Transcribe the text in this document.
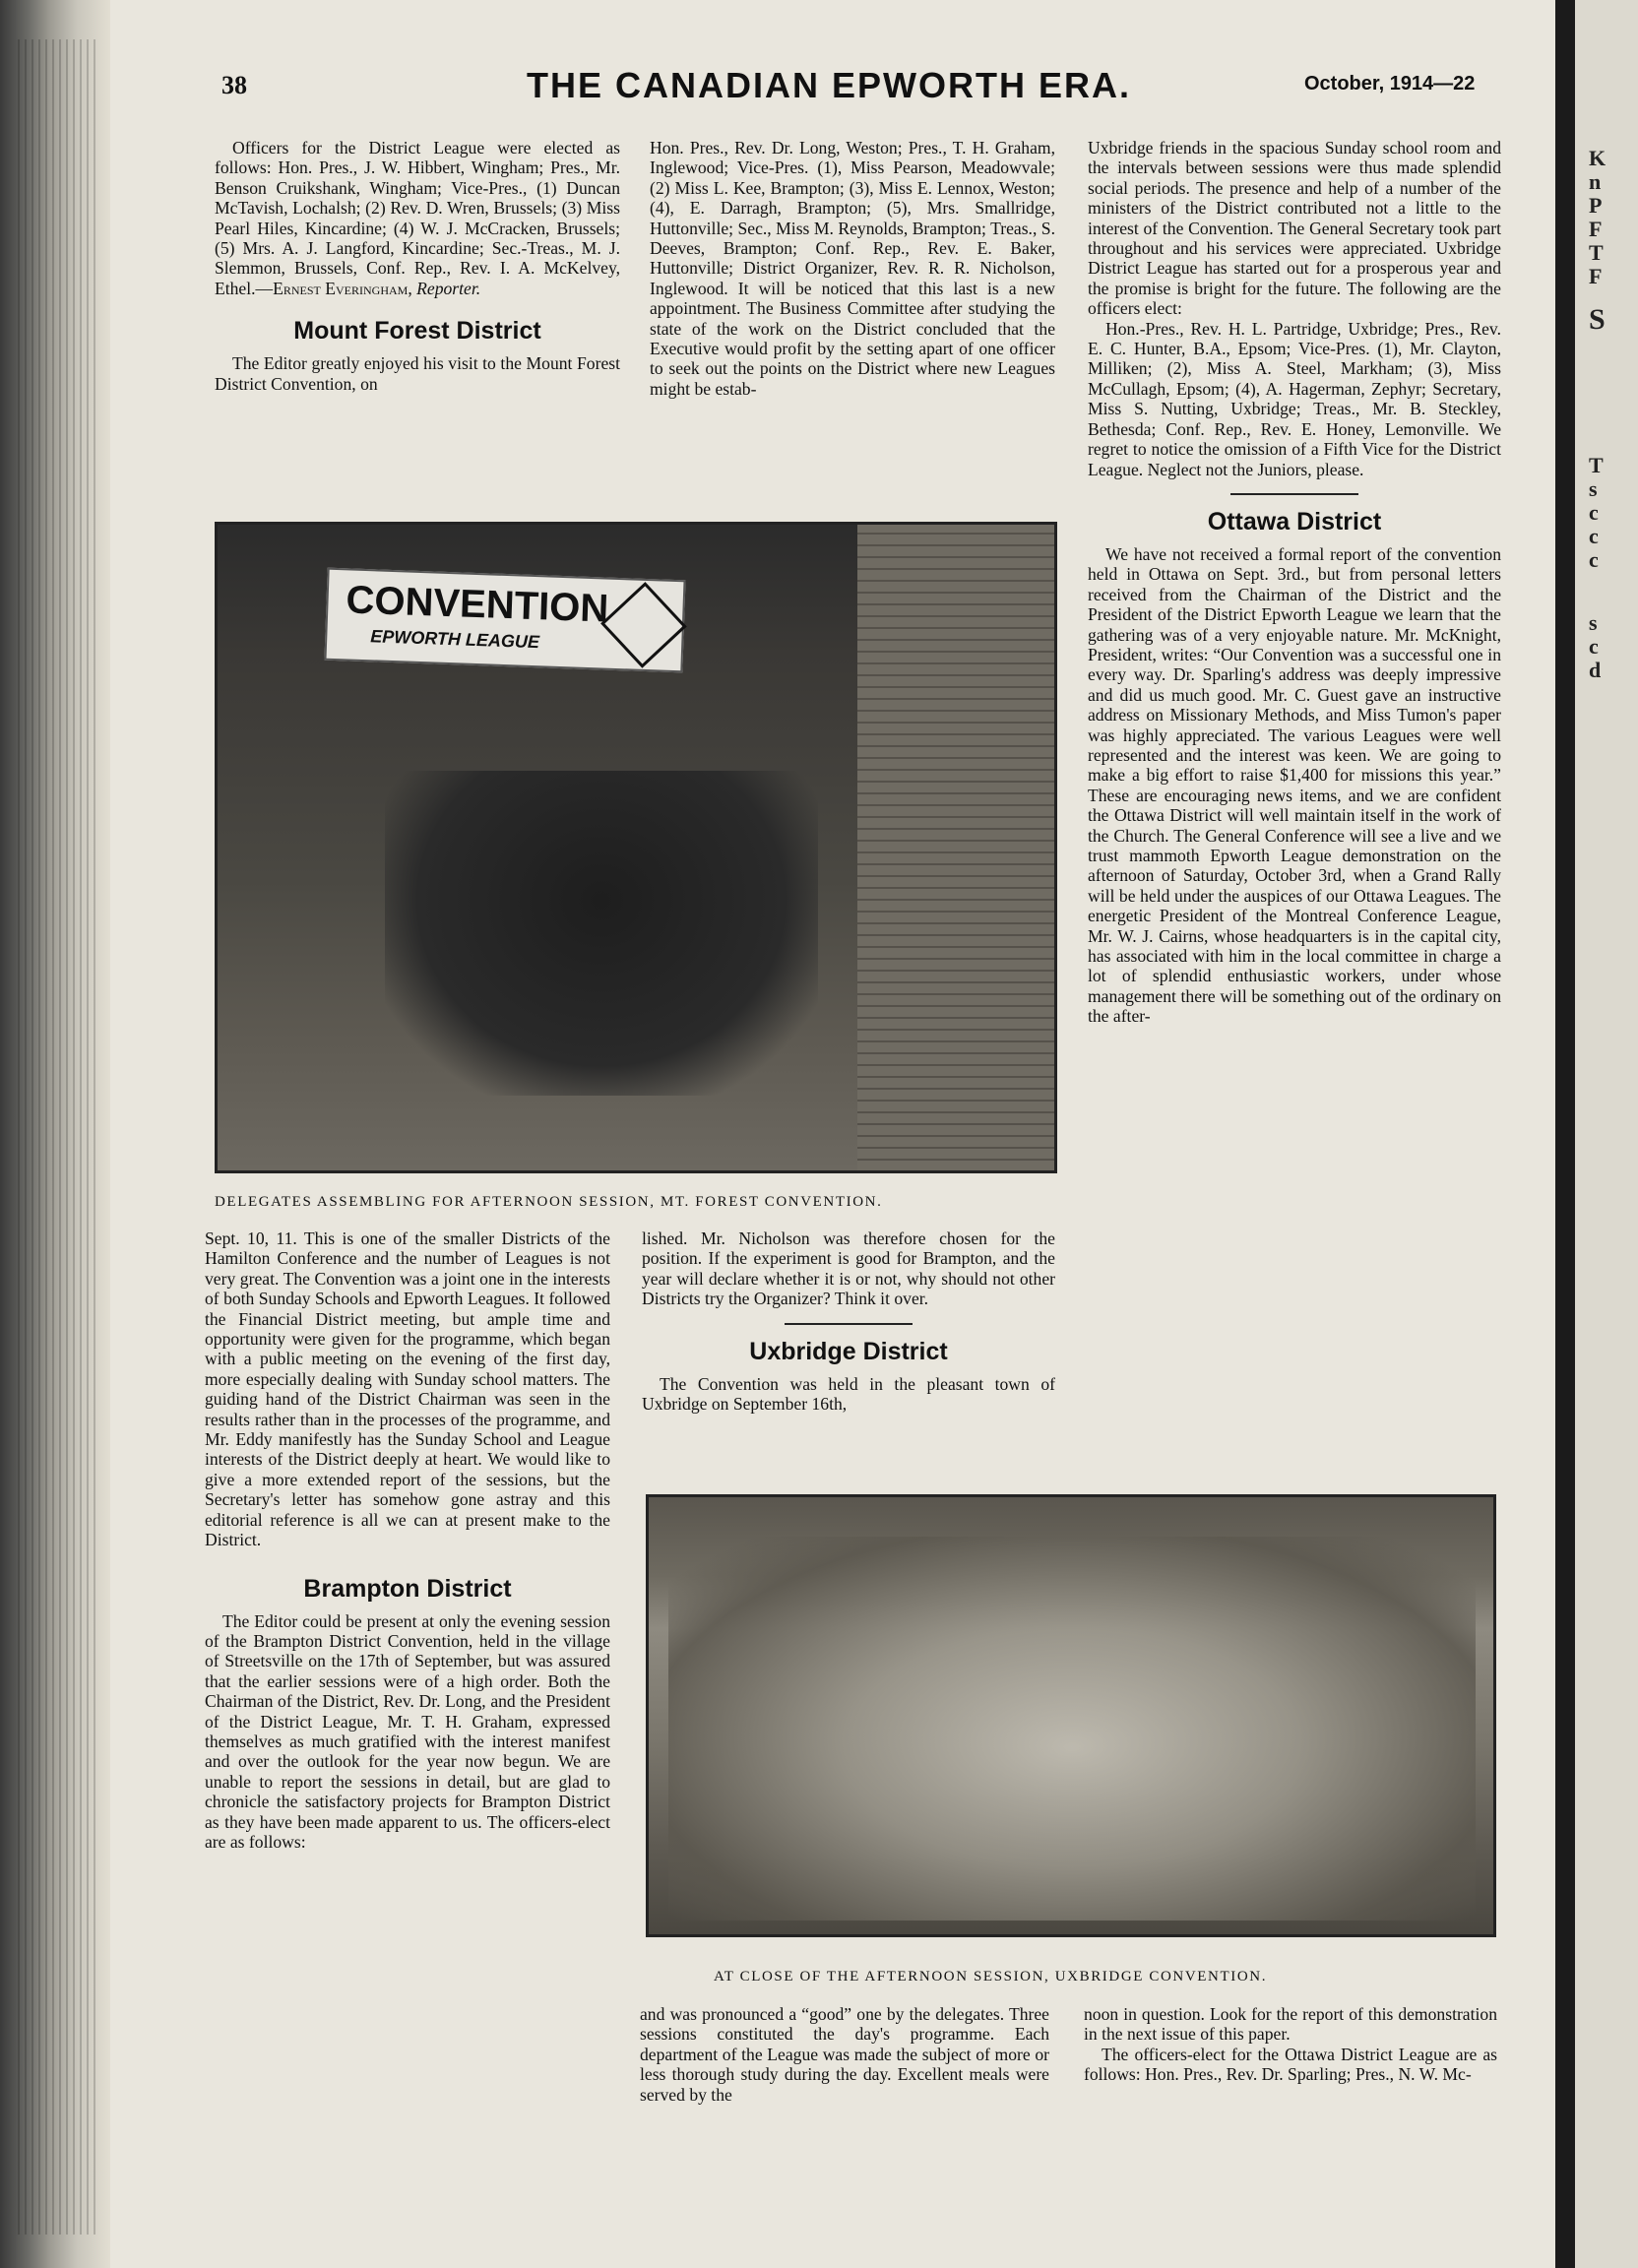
K
n
P
F
T
F
S
T
s
c
c
c
s
c
d
38	THE CANADIAN EPWORTH ERA.	October, 1914—22

Officers for the District League were elected as follows: Hon. Pres., J. W. Hibbert, Wingham; Pres., Mr. Benson Cruikshank, Wingham; Vice-Pres., (1) Duncan McTavish, Lochalsh; (2) Rev. D. Wren, Brussels; (3) Miss Pearl Hiles, Kincardine; (4) W. J. McCracken, Brussels; (5) Mrs. A. J. Langford, Kincardine; Sec.-Treas., M. J. Slemmon, Brussels, Conf. Rep., Rev. I. A. McKelvey, Ethel.—Ernest Everingham, Reporter.

Mount Forest District

The Editor greatly enjoyed his visit to the Mount Forest District Convention, on

Hon. Pres., Rev. Dr. Long, Weston; Pres., T. H. Graham, Inglewood; Vice-Pres. (1), Miss Pearson, Meadowvale; (2) Miss L. Kee, Brampton; (3), Miss E. Lennox, Weston; (4), E. Darragh, Brampton; (5), Mrs. Smallridge, Huttonville; Sec., Miss M. Reynolds, Brampton; Treas., S. Deeves, Brampton; Conf. Rep., Rev. E. Baker, Huttonville; District Organizer, Rev. R. R. Nicholson, Inglewood. It will be noticed that this last is a new appointment. The Business Committee after studying the state of the work on the District concluded that the Executive would profit by the setting apart of one officer to seek out the points on the District where new Leagues might be estab-

Uxbridge friends in the spacious Sunday school room and the intervals between sessions were thus made splendid social periods. The presence and help of a number of the ministers of the District contributed not a little to the interest of the Convention. The General Secretary took part throughout and his services were appreciated. Uxbridge District League has started out for a prosperous year and the promise is bright for the future. The following are the officers elect:

Hon.-Pres., Rev. H. L. Partridge, Uxbridge; Pres., Rev. E. C. Hunter, B.A., Epsom; Vice-Pres. (1), Mr. Clayton, Milliken; (2), Miss A. Steel, Markham; (3), Miss McCullagh, Epsom; (4), A. Hagerman, Zephyr; Secretary, Miss S. Nutting, Uxbridge; Treas., Mr. B. Steckley, Bethesda; Conf. Rep., Rev. E. Honey, Lemonville. We regret to notice the omission of a Fifth Vice for the District League. Neglect not the Juniors, please.

Ottawa District

We have not received a formal report of the convention held in Ottawa on Sept. 3rd., but from personal letters received from the Chairman of the District and the President of the District Epworth League we learn that the gathering was of a very enjoyable nature. Mr. McKnight, President, writes: “Our Convention was a successful one in every way. Dr. Sparling's address was deeply impressive and did us much good. Mr. C. Guest gave an instructive address on Missionary Methods, and Miss Tumon's paper was highly appreciated. The various Leagues were well represented and the interest was keen. We are going to make a big effort to raise $1,400 for missions this year.” These are encouraging news items, and we are confident the Ottawa District will well maintain itself in the work of the Church. The General Conference will see a live and we trust mammoth Epworth League demonstration on the afternoon of Saturday, October 3rd, when a Grand Rally will be held under the auspices of our Ottawa Leagues. The energetic President of the Montreal Conference League, Mr. W. J. Cairns, whose headquarters is in the capital city, has associated with him in the local committee in charge a lot of splendid enthusiastic workers, under whose management there will be something out of the ordinary on the after-

CONVENTION
EPWORTH LEAGUE
DELEGATES ASSEMBLING FOR AFTERNOON SESSION, MT. FOREST CONVENTION.

Sept. 10, 11. This is one of the smaller Districts of the Hamilton Conference and the number of Leagues is not very great. The Convention was a joint one in the interests of both Sunday Schools and Epworth Leagues. It followed the Financial District meeting, but ample time and opportunity were given for the programme, which began with a public meeting on the evening of the first day, more especially dealing with Sunday school matters. The guiding hand of the District Chairman was seen in the results rather than in the processes of the programme, and Mr. Eddy manifestly has the Sunday School and League interests of the District deeply at heart. We would like to give a more extended report of the sessions, but the Secretary's letter has somehow gone astray and this editorial reference is all we can at present make to the District.

Brampton District

The Editor could be present at only the evening session of the Brampton District Convention, held in the village of Streetsville on the 17th of September, but was assured that the earlier sessions were of a high order. Both the Chairman of the District, Rev. Dr. Long, and the President of the District League, Mr. T. H. Graham, expressed themselves as much gratified with the interest manifest and over the outlook for the year now begun. We are unable to report the sessions in detail, but are glad to chronicle the satisfactory projects for Brampton District as they have been made apparent to us. The officers-elect are as follows:

lished. Mr. Nicholson was therefore chosen for the position. If the experiment is good for Brampton, and the year will declare whether it is or not, why should not other Districts try the Organizer? Think it over.

Uxbridge District

The Convention was held in the pleasant town of Uxbridge on September 16th,

AT CLOSE OF THE AFTERNOON SESSION, UXBRIDGE CONVENTION.

and was pronounced a “good” one by the delegates. Three sessions constituted the day's programme. Each department of the League was made the subject of more or less thorough study during the day. Excellent meals were served by the

noon in question. Look for the report of this demonstration in the next issue of this paper.

The officers-elect for the Ottawa District League are as follows: Hon. Pres., Rev. Dr. Sparling; Pres., N. W. Mc-
